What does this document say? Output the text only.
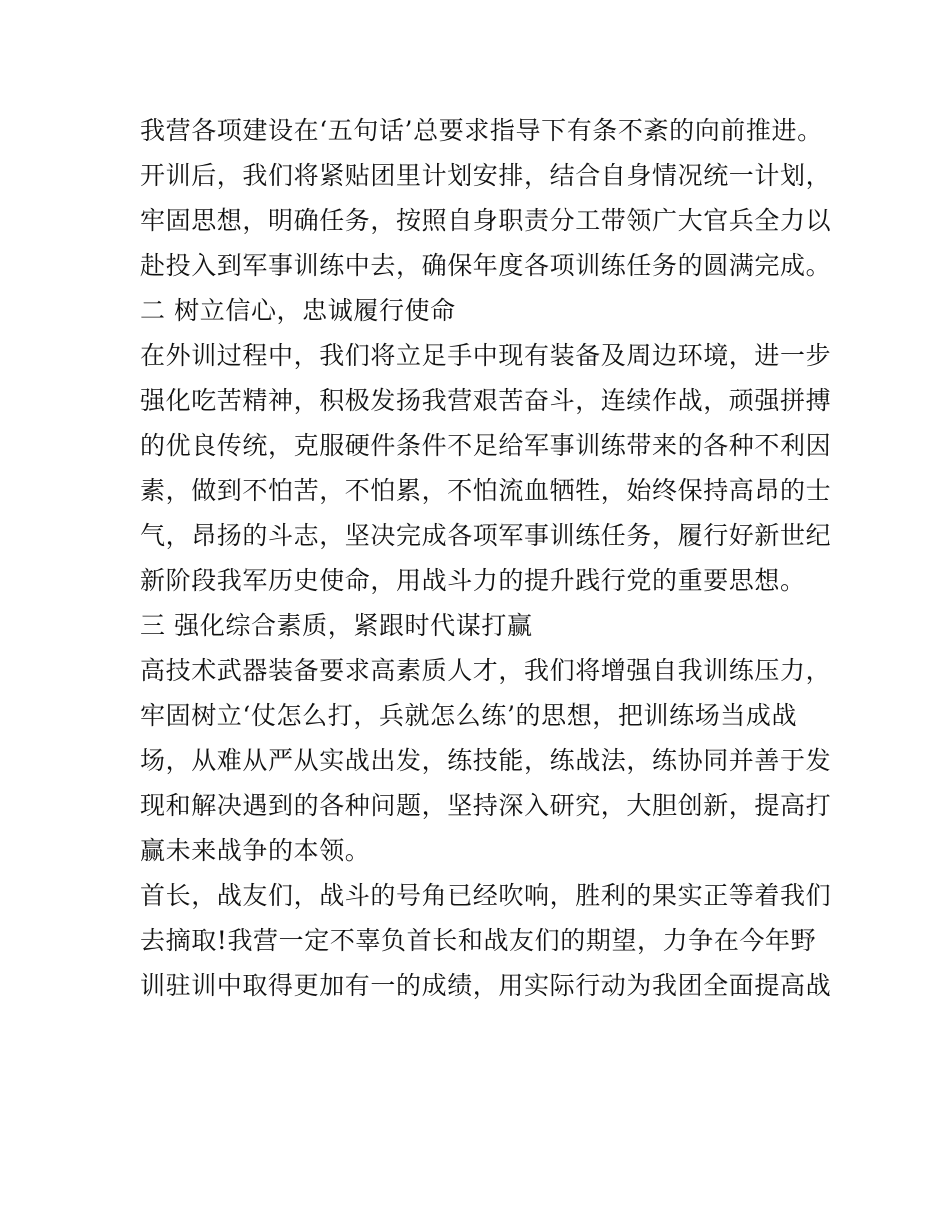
我营各项建设在‘五句话’总要求指导下有条不紊的向前推进。

开训后，我们将紧贴团里计划安排，结合自身情况统一计划，

牢固思想，明确任务，按照自身职责分工带领广大官兵全力以

赴投入到军事训练中去，确保年度各项训练任务的圆满完成。

二 树立信心，忠诚履行使命

在外训过程中，我们将立足手中现有装备及周边环境，进一步

强化吃苦精神，积极发扬我营艰苦奋斗，连续作战，顽强拼搏

的优良传统，克服硬件条件不足给军事训练带来的各种不利因

素，做到不怕苦，不怕累，不怕流血牺牲，始终保持高昂的士

气，昂扬的斗志，坚决完成各项军事训练任务，履行好新世纪

新阶段我军历史使命，用战斗力的提升践行党的重要思想。

三 强化综合素质，紧跟时代谋打赢

高技术武器装备要求高素质人才，我们将增强自我训练压力，

牢固树立‘仗怎么打，兵就怎么练’的思想，把训练场当成战

场，从难从严从实战出发，练技能，练战法，练协同并善于发

现和解决遇到的各种问题，坚持深入研究，大胆创新，提高打

赢未来战争的本领。

首长，战友们，战斗的号角已经吹响，胜利的果实正等着我们

去摘取!我营一定不辜负首长和战友们的期望，力争在今年野

训驻训中取得更加有一的成绩，用实际行动为我团全面提高战
